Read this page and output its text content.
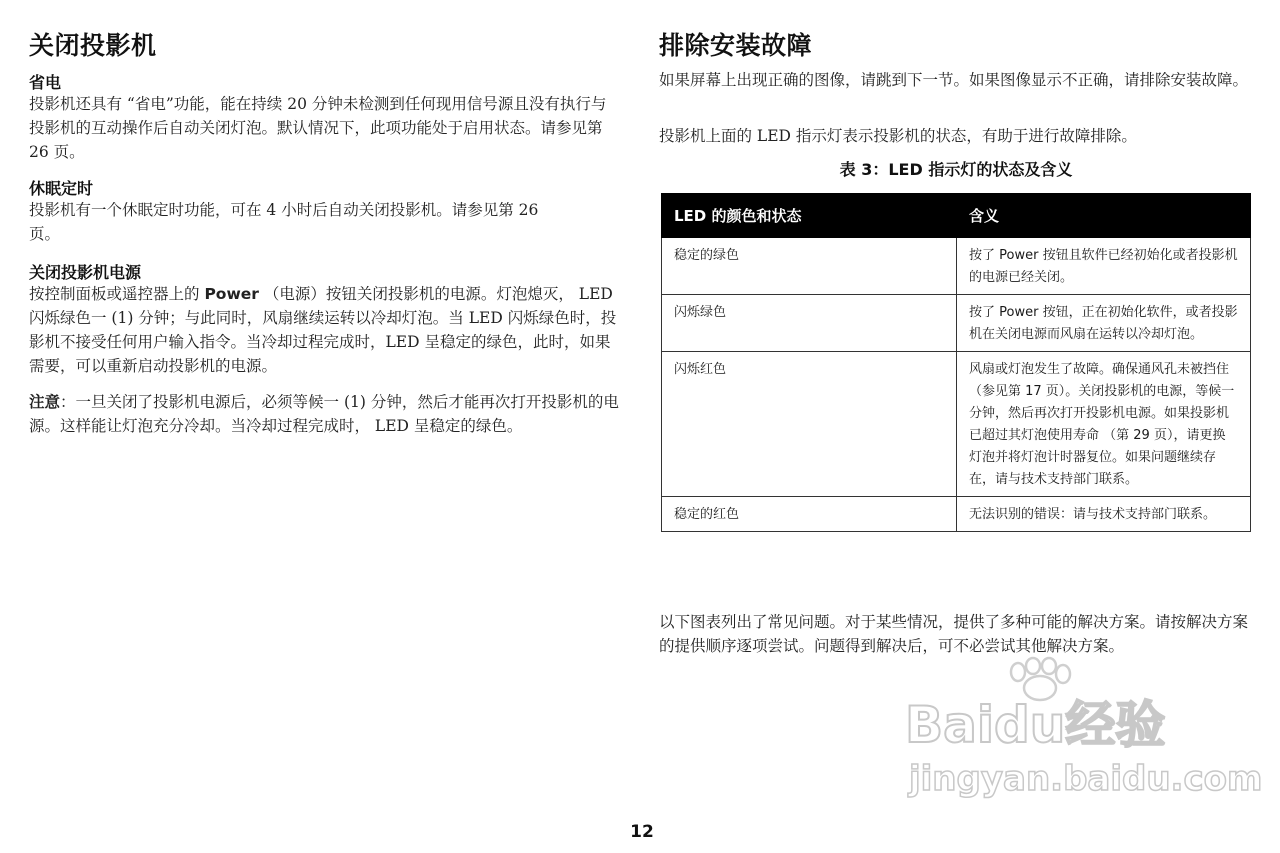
关闭投影机
省电

投影机还具有 “省电”功能，能在持续 20 分钟未检测到任何现用信号源且没有执行与投影机的互动操作后自动关闭灯泡。默认情况下，此项功能处于启用状态。请参见第 26 页。

休眠定时

投影机有一个休眠定时功能，可在 4 小时后自动关闭投影机。请参见第 26 页。

关闭投影机电源

按控制面板或遥控器上的 Power （电源）按钮关闭投影机的电源。灯泡熄灭， LED 闪烁绿色一 (1) 分钟；与此同时，风扇继续运转以冷却灯泡。当 LED 闪烁绿色时，投影机不接受任何用户输入指令。当冷却过程完成时，LED 呈稳定的绿色，此时，如果需要，可以重新启动投影机的电源。

注意：一旦关闭了投影机电源后，必须等候一 (1) 分钟，然后才能再次打开投影机的电源。这样能让灯泡充分冷却。当冷却过程完成时， LED 呈稳定的绿色。

排除安装故障

如果屏幕上出现正确的图像，请跳到下一节。如果图像显示不正确，请排除安装故障。

投影机上面的 LED 指示灯表示投影机的状态，有助于进行故障排除。

表 3：LED 指示灯的状态及含义
LED 的颜色和状态	含义
稳定的绿色	按了 Power 按钮且软件已经初始化或者投影机的电源已经关闭。
闪烁绿色	按了 Power 按钮，正在初始化软件，或者投影机在关闭电源而风扇在运转以冷却灯泡。
闪烁红色	风扇或灯泡发生了故障。确保通风孔未被挡住 （参见第 17 页）。关闭投影机的电源，等候一分钟，然后再次打开投影机电源。如果投影机已超过其灯泡使用寿命 （第 29 页），请更换灯泡并将灯泡计时器复位。如果问题继续存在，请与技术支持部门联系。
稳定的红色	无法识别的错误：请与技术支持部门联系。

以下图表列出了常见问题。对于某些情况，提供了多种可能的解决方案。请按解决方案的提供顺序逐项尝试。问题得到解决后，可不必尝试其他解决方案。

Baidu经验
jingyan.baidu.com
12
